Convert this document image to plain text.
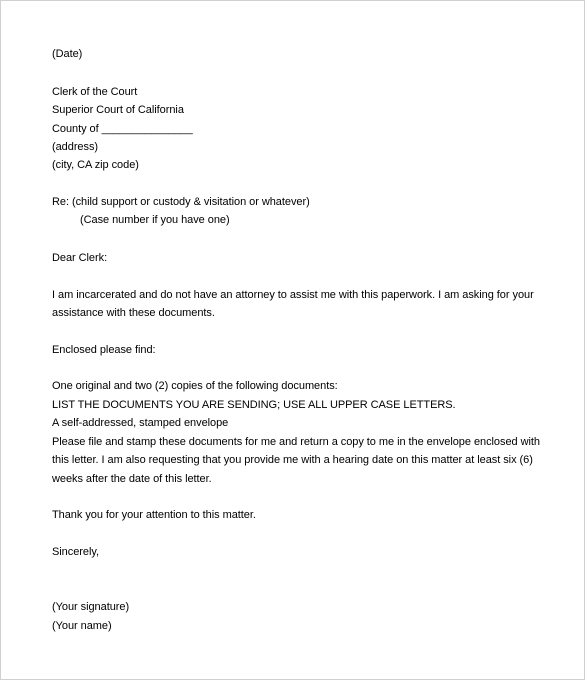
(Date)
Clerk of the Court
Superior Court of California
County of _______________
(address)
(city, CA zip code)
Re: (child support or custody & visitation or whatever)
(Case number if you have one)
Dear Clerk:
I am incarcerated and do not have an attorney to assist me with this paperwork. I am asking for your
assistance with these documents.
Enclosed please find:
One original and two (2) copies of the following documents:
LIST THE DOCUMENTS YOU ARE SENDING; USE ALL UPPER CASE LETTERS.
A self-addressed, stamped envelope
Please file and stamp these documents for me and return a copy to me in the envelope enclosed with
this letter. I am also requesting that you provide me with a hearing date on this matter at least six (6)
weeks after the date of this letter.
Thank you for your attention to this matter.
Sincerely,
(Your signature)
(Your name)
